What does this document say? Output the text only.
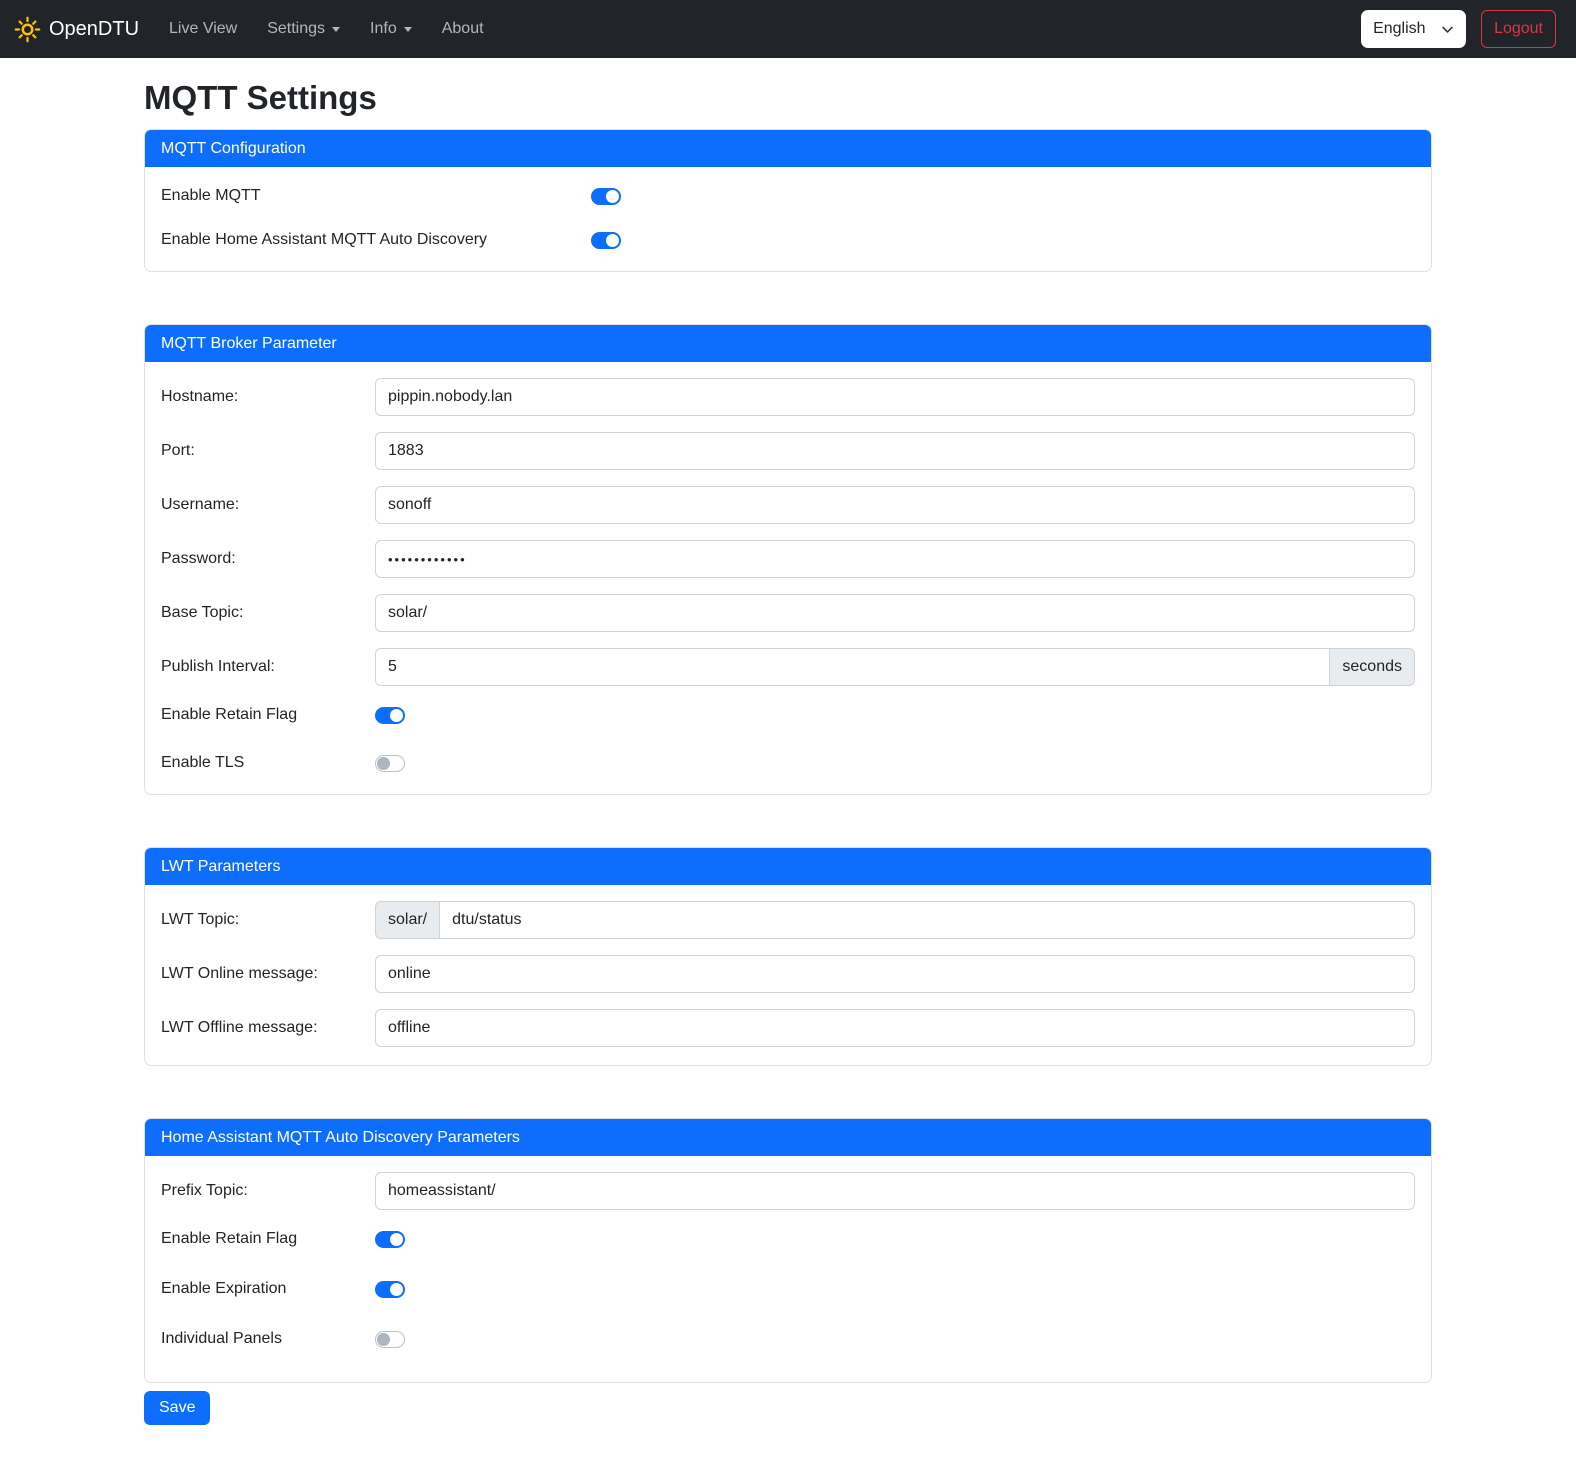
OpenDTU Live View Settings	Info	About	English	Logout
MQTT Settings
MQTT Configuration
Enable MQTT
Enable Home Assistant MQTT Auto Discovery
MQTT Broker Parameter
Hostname:
pippin.nobody.lan
Port:
1883
Username:
sonoff
Password:
••••••••••••
Base Topic:
solar/
Publish Interval:
5	seconds
Enable Retain Flag
Enable TLS
LWT Parameters
LWT Topic:	solar/
dtu/status
LWT Online message:
online
LWT Offline message:
offline
Home Assistant MQTT Auto Discovery Parameters
Prefix Topic:
homeassistant/
Enable Retain Flag
Enable Expiration
Individual Panels
Save
